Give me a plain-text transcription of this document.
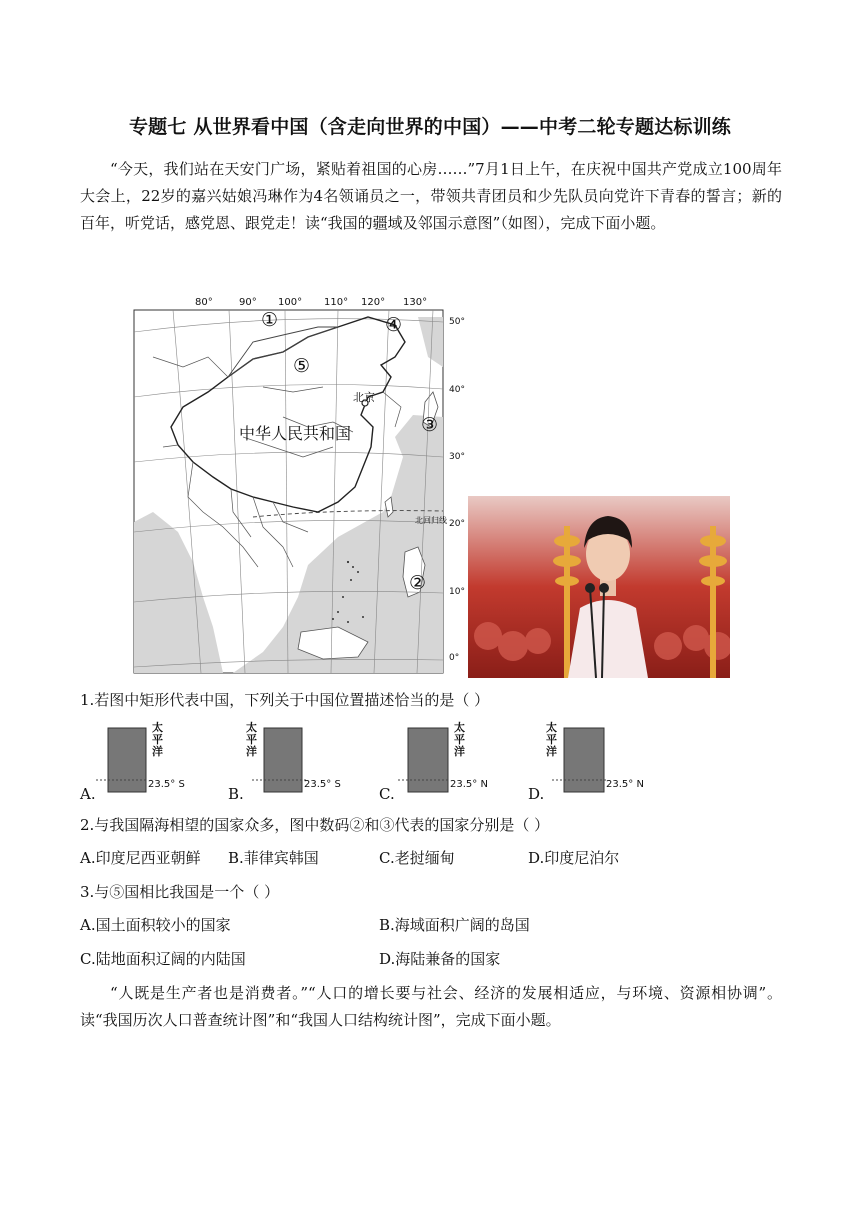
专题七 从世界看中国（含走向世界的中国）——中考二轮专题达标训练

“今天，我们站在天安门广场，紧贴着祖国的心房……”7月1日上午，在庆祝中国共产党成立100周年大会上，22岁的嘉兴姑娘冯琳作为4名领诵员之一，带领共青团员和少先队员向党许下青春的誓言；新的百年，听党话，感党恩、跟党走！读“我国的疆域及邻国示意图”（如图），完成下面小题。

80°	90° 100° 110° 120° 130°
50°
40°
30°
20°
10°
0°
中华人民共和国
北京
北回归线
①
②
③
④
⑤
1.若图中矩形代表中国，下列关于中国位置描述恰当的是（ ）
太平洋
23.5° S
A.
太平洋
23.5° S
B.
太平洋
23.5° N
C.
太平洋
23.5° N
D.
2.与我国隔海相望的国家众多，图中数码②和③代表的国家分别是（ ）
A.印度尼西亚朝鲜 B.菲律宾韩国	C.老挝缅甸	D.印度尼泊尔
3.与⑤国相比我国是一个（ ）
A.国土面积较小的国家	B.海域面积广阔的岛国
C.陆地面积辽阔的内陆国	D.海陆兼备的国家

“人既是生产者也是消费者。”“人口的增长要与社会、经济的发展相适应，与环境、资源相协调”。读“我国历次人口普查统计图”和“我国人口结构统计图”，完成下面小题。
